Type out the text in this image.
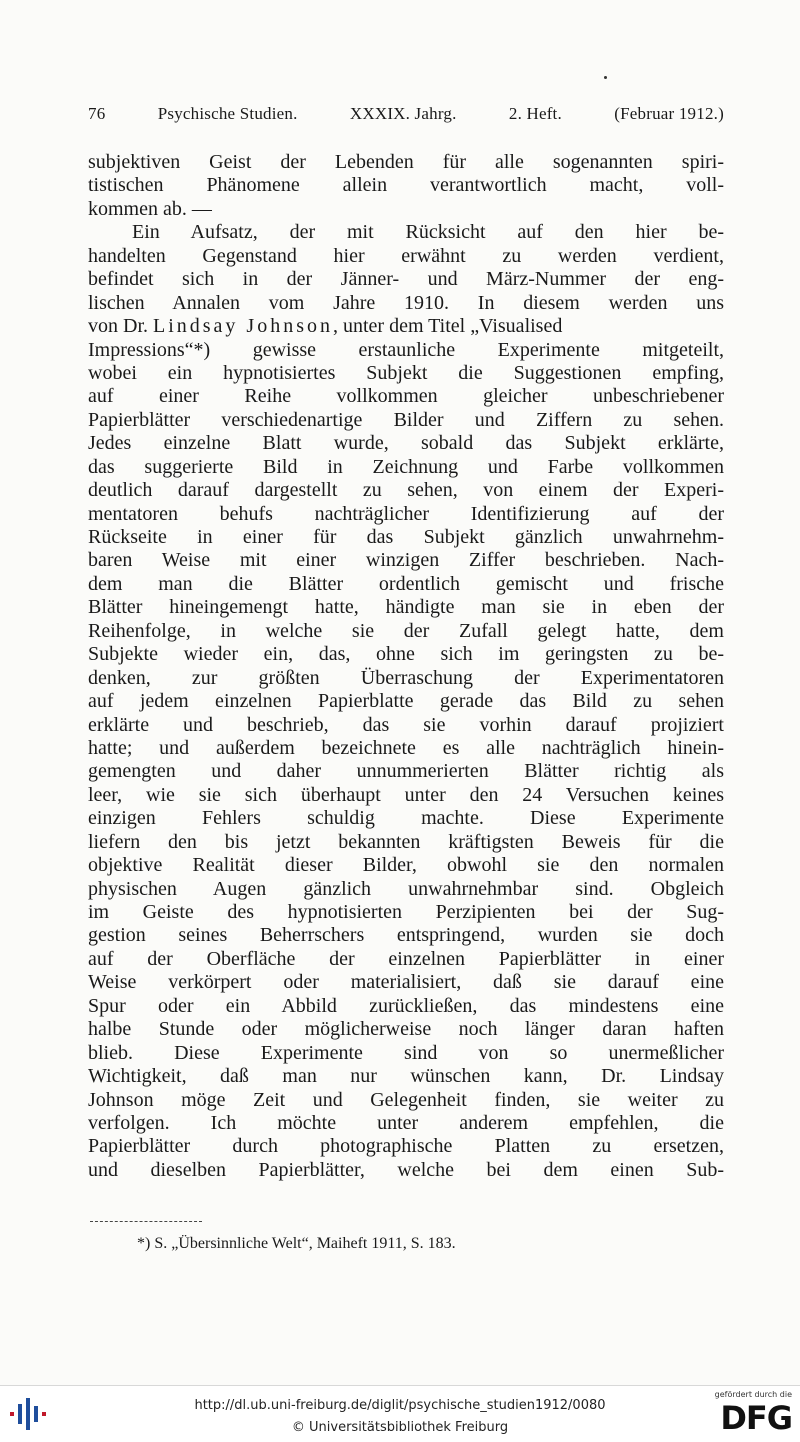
76	Psychische Studien.	XXXIX. Jahrg.	2. Heft.	(Februar 1912.)
subjektiven Geist der Lebenden für alle sogenannten spiri-
tistischen Phänomene allein verantwortlich macht, voll-
kommen ab. —
Ein Aufsatz, der mit Rücksicht auf den hier be-
handelten Gegenstand hier erwähnt zu werden verdient,
befindet sich in der Jänner- und März-Nummer der eng-
lischen Annalen vom Jahre 1910. In diesem werden uns
von Dr. Lindsay Johnson, unter dem Titel „Visualised
Impressions“*) gewisse erstaunliche Experimente mitgeteilt,
wobei ein hypnotisiertes Subjekt die Suggestionen empfing,
auf einer Reihe vollkommen gleicher unbeschriebener
Papierblätter verschiedenartige Bilder und Ziffern zu sehen.
Jedes einzelne Blatt wurde, sobald das Subjekt erklärte,
das suggerierte Bild in Zeichnung und Farbe vollkommen
deutlich darauf dargestellt zu sehen, von einem der Experi-
mentatoren behufs nachträglicher Identifizierung auf der
Rückseite in einer für das Subjekt gänzlich unwahrnehm-
baren Weise mit einer winzigen Ziffer beschrieben. Nach-
dem man die Blätter ordentlich gemischt und frische
Blätter hineingemengt hatte, händigte man sie in eben der
Reihenfolge, in welche sie der Zufall gelegt hatte, dem
Subjekte wieder ein, das, ohne sich im geringsten zu be-
denken, zur größten Überraschung der Experimentatoren
auf jedem einzelnen Papierblatte gerade das Bild zu sehen
erklärte und beschrieb, das sie vorhin darauf projiziert
hatte; und außerdem bezeichnete es alle nachträglich hinein-
gemengten und daher unnummerierten Blätter richtig als
leer, wie sie sich überhaupt unter den 24 Versuchen keines
einzigen Fehlers schuldig machte. Diese Experimente
liefern den bis jetzt bekannten kräftigsten Beweis für die
objektive Realität dieser Bilder, obwohl sie den normalen
physischen Augen gänzlich unwahrnehmbar sind. Obgleich
im Geiste des hypnotisierten Perzipienten bei der Sug-
gestion seines Beherrschers entspringend, wurden sie doch
auf der Oberfläche der einzelnen Papierblätter in einer
Weise verkörpert oder materialisiert, daß sie darauf eine
Spur oder ein Abbild zurückließen, das mindestens eine
halbe Stunde oder möglicherweise noch länger daran haften
blieb. Diese Experimente sind von so unermeßlicher
Wichtigkeit, daß man nur wünschen kann, Dr. Lindsay
Johnson möge Zeit und Gelegenheit finden, sie weiter zu
verfolgen. Ich möchte unter anderem empfehlen, die
Papierblätter durch photographische Platten zu ersetzen,
und dieselben Papierblätter, welche bei dem einen Sub-
*) S. „Übersinnliche Welt“, Maiheft 1911, S. 183.
http://dl.ub.uni-freiburg.de/diglit/psychische_studien1912/0080
© Universitätsbibliothek Freiburg
gefördert durch die
DFG
